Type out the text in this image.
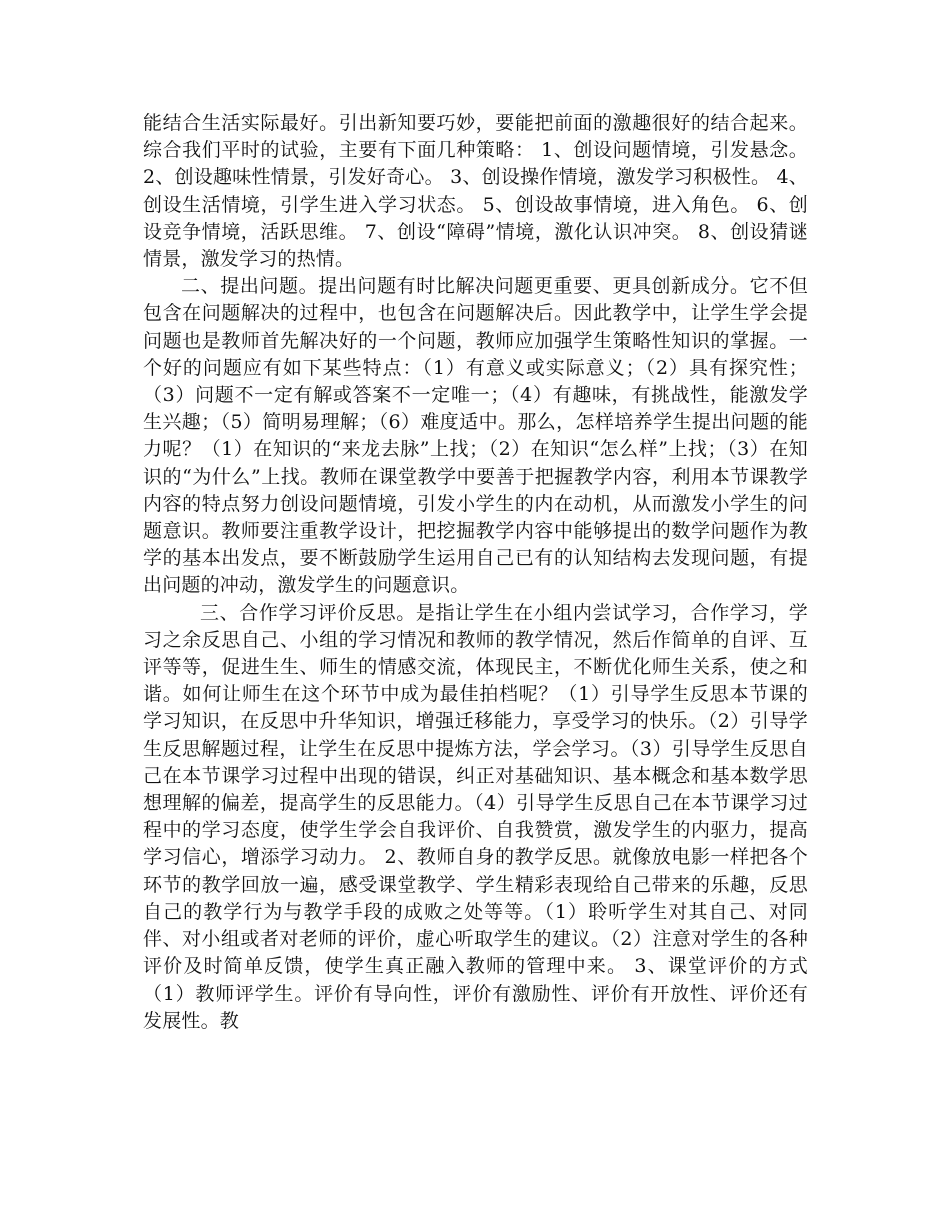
能结合生活实际最好。引出新知要巧妙，要能把前面的激趣很好的结合起来。综合我们平时的试验，主要有下面几种策略： 1、创设问题情境，引发悬念。 2、创设趣味性情景，引发好奇心。 3、创设操作情境，激发学习积极性。 4、创设生活情境，引学生进入学习状态。 5、创设故事情境，进入角色。 6、创设竞争情境，活跃思维。 7、创设“障碍”情境，激化认识冲突。 8、创设猜谜情景，激发学习的热情。

二、提出问题。提出问题有时比解决问题更重要、更具创新成分。它不但包含在问题解决的过程中，也包含在问题解决后。因此教学中，让学生学会提问题也是教师首先解决好的一个问题，教师应加强学生策略性知识的掌握。一个好的问题应有如下某些特点：（1）有意义或实际意义；（2）具有探究性；（3）问题不一定有解或答案不一定唯一；（4）有趣味，有挑战性，能激发学生兴趣；（5）简明易理解；（6）难度适中。那么，怎样培养学生提出问题的能力呢？（1）在知识的“来龙去脉”上找；（2）在知识“怎么样”上找；（3）在知识的“为什么”上找。教师在课堂教学中要善于把握教学内容，利用本节课教学内容的特点努力创设问题情境，引发小学生的内在动机，从而激发小学生的问题意识。教师要注重教学设计，把挖掘教学内容中能够提出的数学问题作为教学的基本出发点，要不断鼓励学生运用自己已有的认知结构去发现问题，有提出问题的冲动，激发学生的问题意识。

三、合作学习评价反思。是指让学生在小组内尝试学习，合作学习，学习之余反思自己、小组的学习情况和教师的教学情况，然后作简单的自评、互评等等，促进生生、师生的情感交流，体现民主，不断优化师生关系，使之和谐。如何让师生在这个环节中成为最佳拍档呢？（1）引导学生反思本节课的学习知识，在反思中升华知识，增强迁移能力，享受学习的快乐。（2）引导学生反思解题过程，让学生在反思中提炼方法，学会学习。（3）引导学生反思自己在本节课学习过程中出现的错误，纠正对基础知识、基本概念和基本数学思想理解的偏差，提高学生的反思能力。（4）引导学生反思自己在本节课学习过程中的学习态度，使学生学会自我评价、自我赞赏，激发学生的内驱力，提高学习信心，增添学习动力。 2、教师自身的教学反思。就像放电影一样把各个环节的教学回放一遍，感受课堂教学、学生精彩表现给自己带来的乐趣，反思自己的教学行为与教学手段的成败之处等等。（1）聆听学生对其自己、对同伴、对小组或者对老师的评价，虚心听取学生的建议。（2）注意对学生的各种评价及时简单反馈，使学生真正融入教师的管理中来。 3、课堂评价的方式（1）教师评学生。评价有导向性，评价有激励性、评价有开放性、评价还有发展性。教
